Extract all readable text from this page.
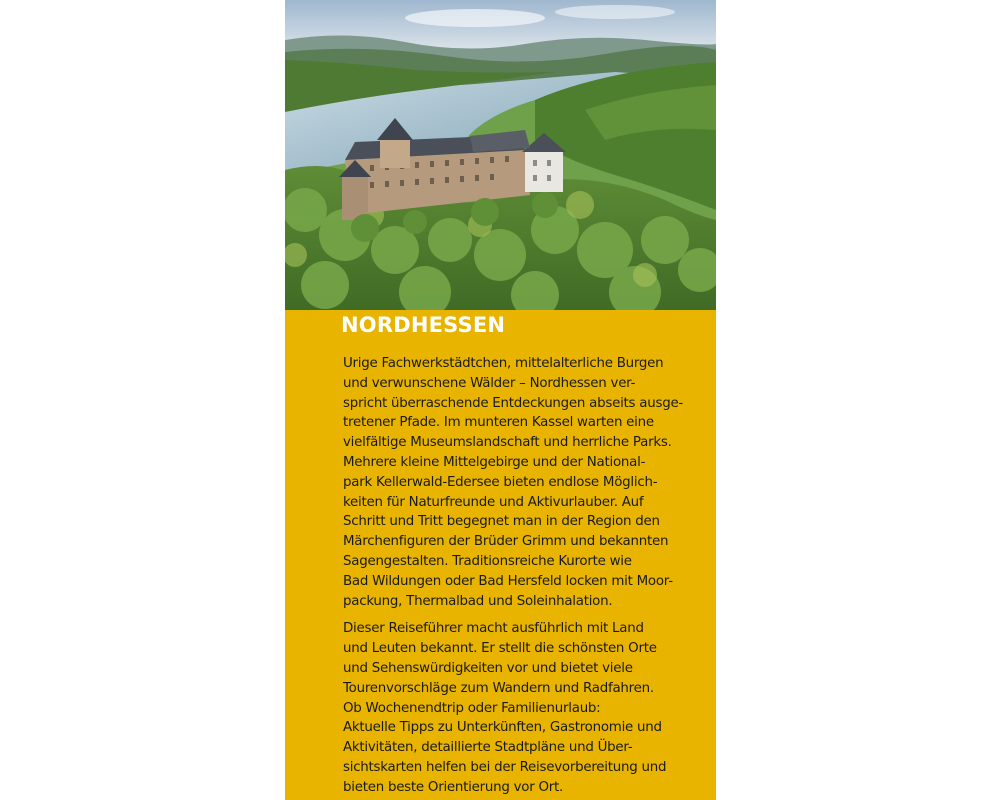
NORDHESSEN

Urige Fachwerkstädtchen, mittelalterliche Burgen
und verwunschene Wälder – Nordhessen ver-
spricht überraschende Entdeckungen abseits ausge-
tretener Pfade. Im munteren Kassel warten eine
vielfältige Museumslandschaft und herrliche Parks.
Mehrere kleine Mittelgebirge und der National-
park Kellerwald-Edersee bieten endlose Möglich-
keiten für Naturfreunde und Aktivurlauber. Auf
Schritt und Tritt begegnet man in der Region den
Märchenfiguren der Brüder Grimm und bekannten
Sagengestalten. Traditionsreiche Kurorte wie
Bad Wildungen oder Bad Hersfeld locken mit Moor-
packung, Thermalbad und Soleinhalation.

Dieser Reiseführer macht ausführlich mit Land
und Leuten bekannt. Er stellt die schönsten Orte
und Sehenswürdigkeiten vor und bietet viele
Tourenvorschläge zum Wandern und Radfahren.
Ob Wochenendtrip oder Familienurlaub:
Aktuelle Tipps zu Unterkünften, Gastronomie und
Aktivitäten, detaillierte Stadtpläne und Über-
sichtskarten helfen bei der Reisevorbereitung und
bieten beste Orientierung vor Ort.
